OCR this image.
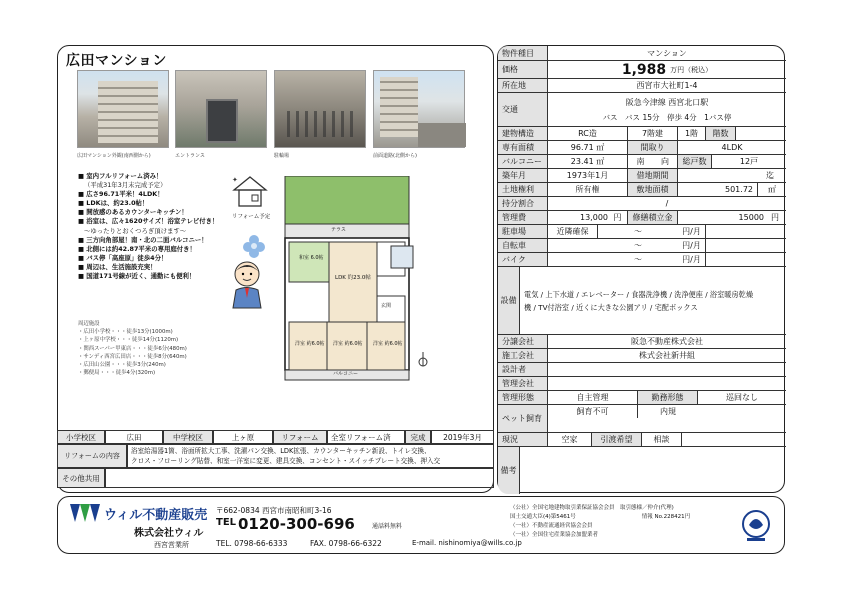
広田マンション
広田マンション外観(南西側から)	エントランス	駐輪場	前面道路(北側から)
■ 室内フルリフォーム済み！
（平成31年3月末完成予定）
■ 広さ96.71平米！4LDK！
■ LDKは、約23.0帖！
■ 開放感のあるカウンターキッチン！
■ 浴室は、広々1620サイズ！浴室テレビ付き！
～ゆったりとおくつろぎ頂けます～
■ 三方向角部屋！南・北の二面バルコニー！
■ 北側には約42.87平米の専用庭付き！
■ バス停「高座原」徒歩4分！
■ 周辺は、生活施設充実！
■ 国道171号線が近く、通勤にも便利！
周辺施設
・広田小学校・・・徒歩13分(1000m)
・上ヶ原中学校・・・徒歩14分(1120m)
・関西スーパー甲東店・・・徒歩6分(480m)
・サンディ西宮広田店・・・徒歩8分(640m)
・広田山公園・・・徒歩3分(240m)
・郵便局・・・徒歩4分(320m)
✦
リフォーム予定
テラス
和室 6.0帖
LDK 約23.0帖
玄関
洋室 約6.0帖 洋室 約6.0帖 洋室 約6.0帖
バルコニー
小学校区	広田	中学校区	上ヶ原	リフォーム	全室リフォーム済	完成	2019年3月
リフォームの内容
浴室給湯器1箇、浴面所拡大工事、洗濯パン交換、LDK拡張、カウンターキッチン新設、トイレ交換、
クロス・フローリング貼替、和室一洋室に変更、建具交換、コンセント・スイッチプレート交換、押入交
その他共用
物件種目	マンション
価格	1,988 万円（税込）
所在地	西宮市大社町1-4
交通
阪急今津線 西宮北口駅
バス　バス 15分　停歩 4分　1バス停
建物構造	RC造	7階建	1階	階数
専有面積	96.71 ㎡	間取り	4LDK
バルコニー	23.41 ㎡	南	向	総戸数	12戸
築年月	1973年1月	借地期間	迄
土地権利	所有権	敷地面積	501.72	㎡
持分割合	/
管理費	13,000 円	修繕積立金	15000 円
駐車場	近隣確保	～	円/月
自転車	～	円/月
バイク	～	円/月
設備
電気 / 上下水道 / エレベーター / 食器洗浄機 / 洗浄便座 / 浴室暖房乾燥
機 / TV付浴室 / 近くに大きな公園アリ / 宅配ボックス
分譲会社	阪急不動産株式会社
施工会社	株式会社新井組
設計者
管理会社
管理形態	自主管理	勤務形態	巡回なし
ペット飼育
飼育不可	内規
現況	空家	引渡希望	相談
備考
ウィル不動産販売
株式会社ウィル
西宮営業所
〒662-0834 西宮市南昭和町3-16
TEL 0120-300-696	通話料無料
TEL. 0798-66-6333	FAX. 0798-66-6322	E-mail. nishinomiya@wills.co.jp
（公社）全国宅地建物取引業保証協会会員　取引態様／仲介(代理)
国土交通大臣(4)第5461号　　　　　　　　　　　　情報 No.228421円
（一社）不動産流通経営協会会員
（一社）全国住宅産業協会加盟業者
